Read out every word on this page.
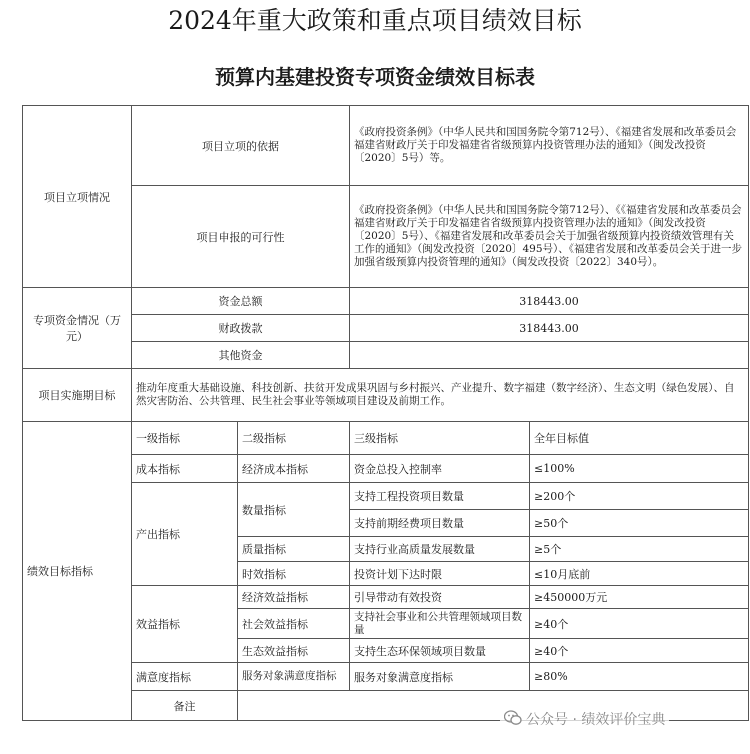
2024年重大政策和重点项目绩效目标
预算内基建投资专项资金绩效目标表
项目立项情况	项目立项的依据		《政府投资条例》（中华人民共和国国务院令第712号）、《福建省发展和改革委员会 福建省财政厅关于印发福建省省级预算内投资管理办法的通知》（闽发改投资〔2020〕5号）等。	
	项目申报的可行性		《政府投资条例》（中华人民共和国国务院令第712号）、《《福建省发展和改革委员会 福建省财政厅关于印发福建省省级预算内投资管理办法的通知》（闽发改投资〔2020〕5号）、《福建省发展和改革委员会关于加强省级预算内投资绩效管理有关工作的通知》（闽发改投资〔2020〕495号）、《福建省发展和改革委员会关于进一步加强省级预算内投资管理的通知》（闽发改投资〔2022〕340号）。	
专项资金情况（万元）	资金总额		318443.00	
	财政拨款		318443.00	
	其他资金			
项目实施期目标	推动年度重大基础设施、科技创新、扶贫开发成果巩固与乡村振兴、产业提升、数字福建（数字经济）、生态文明（绿色发展）、自然灾害防治、公共管理、民生社会事业等领域项目建设及前期工作。			
绩效目标指标	一级指标	二级指标	三级指标	全年目标值
	成本指标	经济成本指标	资金总投入控制率	≤100%
	产出指标	数量指标	支持工程投资项目数量	≥200个
			支持前期经费项目数量	≥50个
		质量指标	支持行业高质量发展数量	≥5个
		时效指标	投资计划下达时限	≤10月底前
	效益指标	经济效益指标	引导带动有效投资	≥450000万元
		社会效益指标	支持社会事业和公共管理领域项目数量	≥40个
		生态效益指标	支持生态环保领域项目数量	≥40个
	满意度指标	服务对象满意度指标	服务对象满意度指标	≥80%
	备注			
公众号 · 绩效评价宝典
